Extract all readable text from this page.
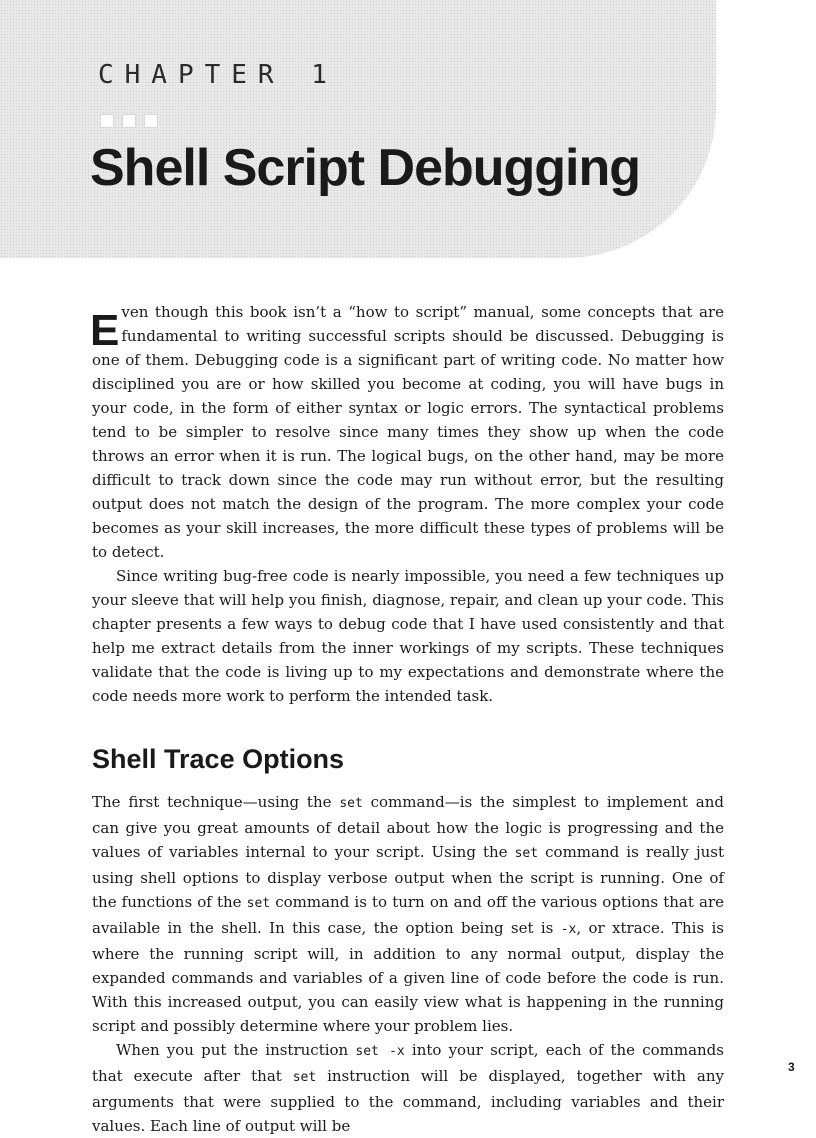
CHAPTER 1

Shell Script Debugging

Even though this book isn’t a “how to script” manual, some concepts that are fundamental to writing successful scripts should be discussed. Debugging is one of them. Debugging code is a significant part of writing code. No matter how disciplined you are or how skilled you become at coding, you will have bugs in your code, in the form of either syntax or logic errors. The syntactical problems tend to be simpler to resolve since many times they show up when the code throws an error when it is run. The logical bugs, on the other hand, may be more difficult to track down since the code may run without error, but the resulting output does not match the design of the program. The more complex your code becomes as your skill increases, the more difficult these types of problems will be to detect.

Since writing bug-free code is nearly impossible, you need a few techniques up your sleeve that will help you finish, diagnose, repair, and clean up your code. This chapter presents a few ways to debug code that I have used consistently and that help me extract details from the inner workings of my scripts. These techniques validate that the code is living up to my expectations and demonstrate where the code needs more work to perform the intended task.

Shell Trace Options

The first technique—using the set command—is the simplest to implement and can give you great amounts of detail about how the logic is progressing and the values of variables internal to your script. Using the set command is really just using shell options to display verbose output when the script is running. One of the functions of the set command is to turn on and off the various options that are available in the shell. In this case, the option being set is -x, or xtrace. This is where the running script will, in addition to any normal output, display the expanded commands and variables of a given line of code before the code is run. With this increased output, you can easily view what is happening in the running script and possibly determine where your problem lies.

When you put the instruction set -x into your script, each of the commands that execute after that set instruction will be displayed, together with any arguments that were supplied to the command, including variables and their values. Each line of output will be

3
